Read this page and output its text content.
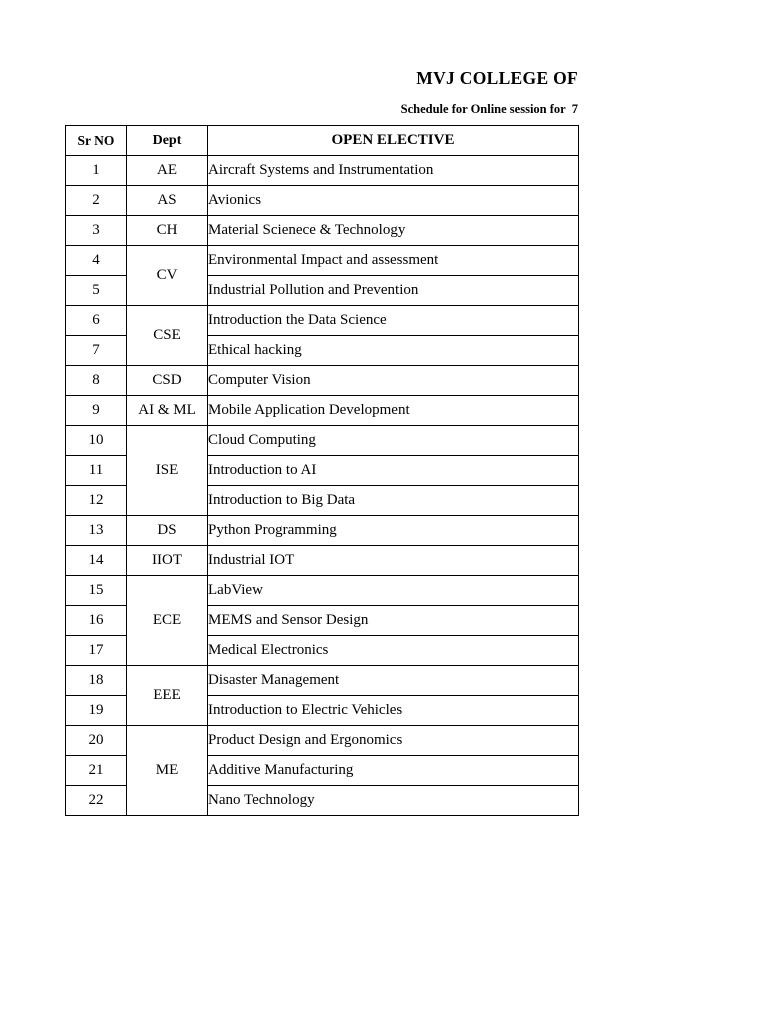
MVJ COLLEGE OF
Schedule for Online session for  7
Sr NO	Dept	OPEN ELECTIVE
1	AE	Aircraft Systems and Instrumentation
2	AS	Avionics
3	CH	Material Scienece & Technology
4	CV	Environmental Impact and assessment
5		Industrial Pollution and Prevention
6	CSE	Introduction the Data Science
7		Ethical hacking
8	CSD	Computer Vision
9	AI & ML	Mobile Application Development
10	ISE	Cloud Computing
11		Introduction to AI
12		Introduction to Big Data
13	DS	Python Programming
14	IIOT	Industrial IOT
15	ECE	LabView
16		MEMS and Sensor Design
17		Medical Electronics
18	EEE	Disaster Management
19		Introduction to Electric Vehicles
20	ME	Product Design and Ergonomics
21		Additive Manufacturing
22		Nano Technology
